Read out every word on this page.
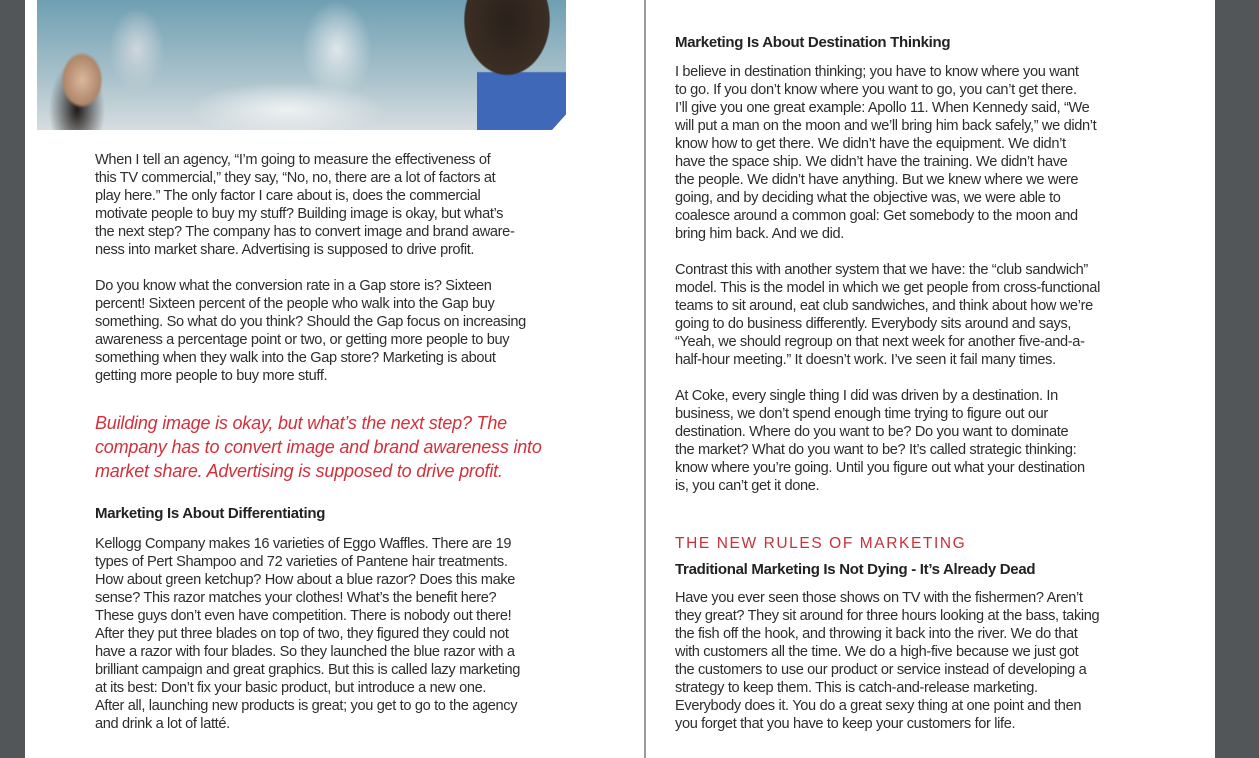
When I tell an agency, “I’m going to measure the effectiveness of
this TV commercial,” they say, “No, no, there are a lot of factors at
play here.” The only factor I care about is, does the commercial
motivate people to buy my stuff? Building image is okay, but what’s
the next step? The company has to convert image and brand aware-
ness into market share. Advertising is supposed to drive profit.
Do you know what the conversion rate in a Gap store is? Sixteen
percent! Sixteen percent of the people who walk into the Gap buy
something. So what do you think? Should the Gap focus on increasing
awareness a percentage point or two, or getting more people to buy
something when they walk into the Gap store? Marketing is about
getting more people to buy more stuff.
Building image is okay, but what’s the next step? The
company has to convert image and brand awareness into
market share. Advertising is supposed to drive profit.
Marketing Is About Differentiating
Kellogg Company makes 16 varieties of Eggo Waffles. There are 19
types of Pert Shampoo and 72 varieties of Pantene hair treatments.
How about green ketchup? How about a blue razor? Does this make
sense? This razor matches your clothes! What’s the benefit here?
These guys don’t even have competition. There is nobody out there!
After they put three blades on top of two, they figured they could not
have a razor with four blades. So they launched the blue razor with a
brilliant campaign and great graphics. But this is called lazy marketing
at its best: Don’t fix your basic product, but introduce a new one.
After all, launching new products is great; you get to go to the agency
and drink a lot of latté.
Marketing Is About Destination Thinking
I believe in destination thinking; you have to know where you want
to go. If you don’t know where you want to go, you can’t get there.
I’ll give you one great example: Apollo 11. When Kennedy said, “We
will put a man on the moon and we’ll bring him back safely,” we didn’t
know how to get there. We didn’t have the equipment. We didn’t
have the space ship. We didn’t have the training. We didn’t have
the people. We didn’t have anything. But we knew where we were
going, and by deciding what the objective was, we were able to
coalesce around a common goal: Get somebody to the moon and
bring him back. And we did.
Contrast this with another system that we have: the “club sandwich”
model. This is the model in which we get people from cross-functional
teams to sit around, eat club sandwiches, and think about how we’re
going to do business differently. Everybody sits around and says,
“Yeah, we should regroup on that next week for another five-and-a-
half-hour meeting.” It doesn’t work. I’ve seen it fail many times.
At Coke, every single thing I did was driven by a destination. In
business, we don’t spend enough time trying to figure out our
destination. Where do you want to be? Do you want to dominate
the market? What do you want to be? It’s called strategic thinking:
know where you’re going. Until you figure out what your destination
is, you can’t get it done.
THE NEW RULES OF MARKETING
Traditional Marketing Is Not Dying - It’s Already Dead
Have you ever seen those shows on TV with the fishermen? Aren’t
they great? They sit around for three hours looking at the bass, taking
the fish off the hook, and throwing it back into the river. We do that
with customers all the time. We do a high-five because we just got
the customers to use our product or service instead of developing a
strategy to keep them. This is catch-and-release marketing.
Everybody does it. You do a great sexy thing at one point and then
you forget that you have to keep your customers for life.
